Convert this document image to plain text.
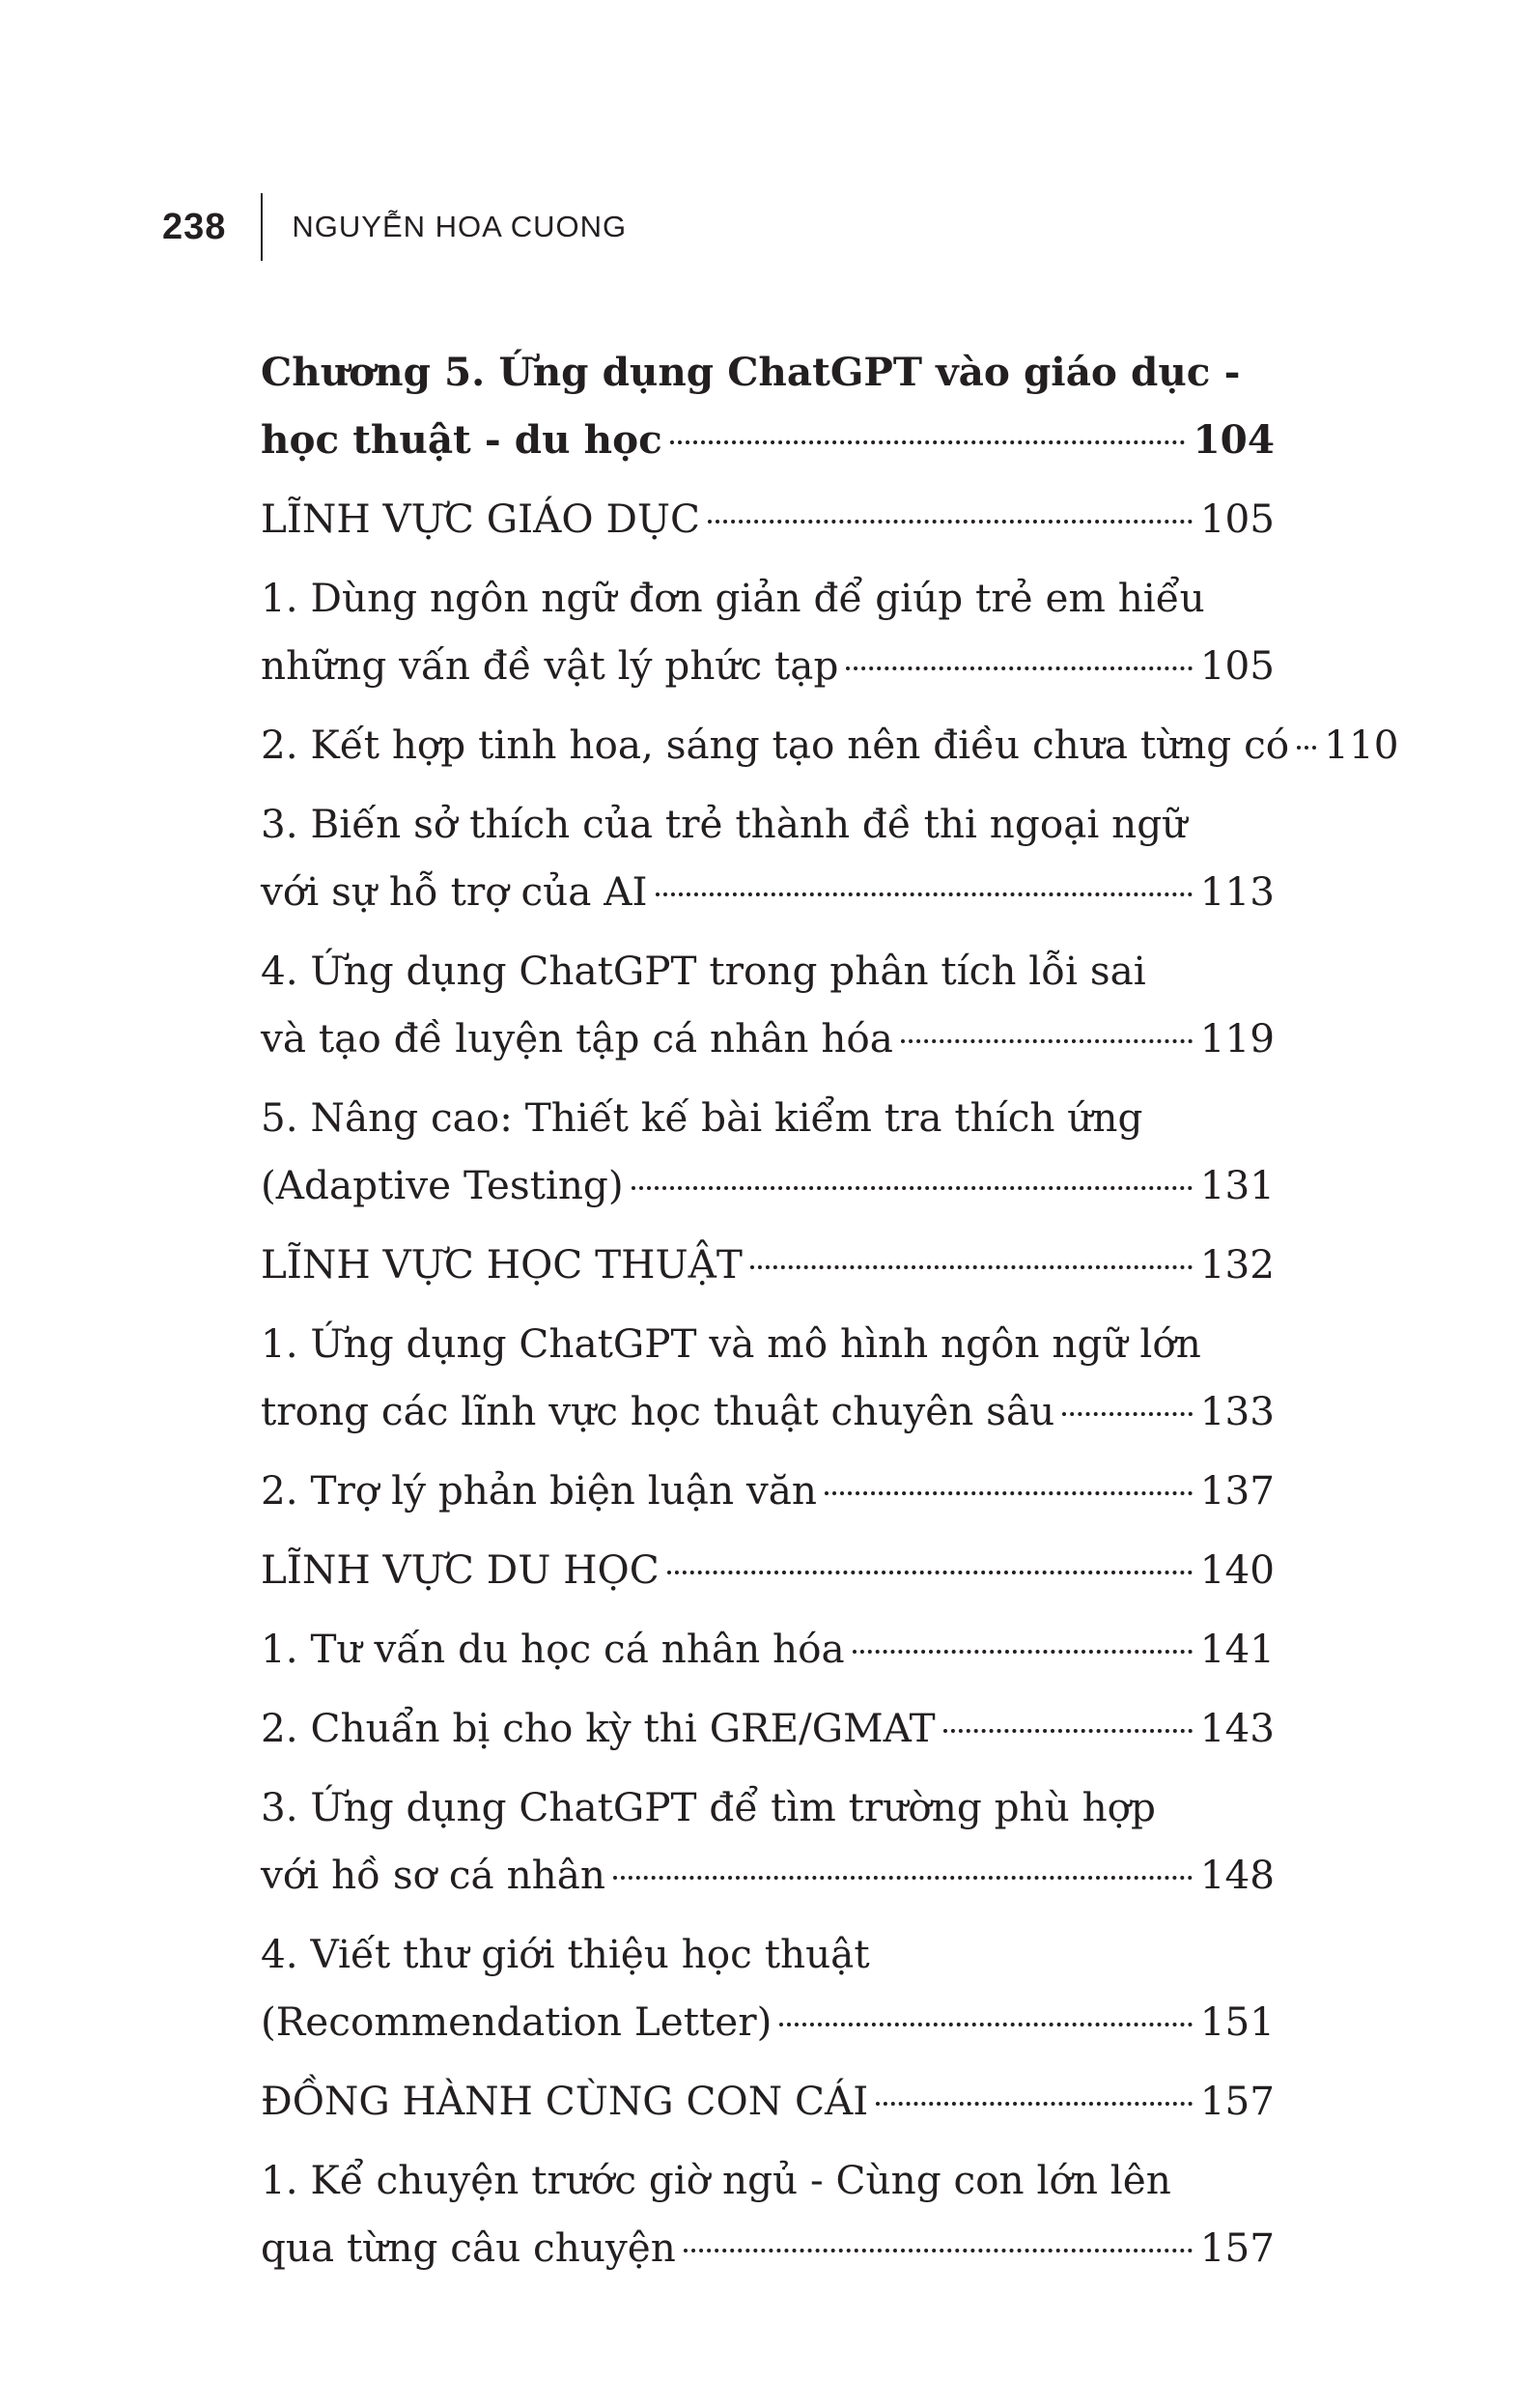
238 NGUYỄN HOA CUONG
Chương 5. Ứng dụng ChatGPT vào giáo dục -
học thuật - du học	104
LĨNH VỰC GIÁO DỤC	105
1. Dùng ngôn ngữ đơn giản để giúp trẻ em hiểu
những vấn đề vật lý phức tạp	105
2. Kết hợp tinh hoa, sáng tạo nên điều chưa từng có 110
3. Biến sở thích của trẻ thành đề thi ngoại ngữ
với sự hỗ trợ của AI	113
4. Ứng dụng ChatGPT trong phân tích lỗi sai
và tạo đề luyện tập cá nhân hóa	119
5. Nâng cao: Thiết kế bài kiểm tra thích ứng
(Adaptive Testing)	131
LĨNH VỰC HỌC THUẬT	132
1. Ứng dụng ChatGPT và mô hình ngôn ngữ lớn
trong các lĩnh vực học thuật chuyên sâu	133
2. Trợ lý phản biện luận văn	137
LĨNH VỰC DU HỌC	140
1. Tư vấn du học cá nhân hóa	141
2. Chuẩn bị cho kỳ thi GRE/GMAT	143
3. Ứng dụng ChatGPT để tìm trường phù hợp
với hồ sơ cá nhân	148
4. Viết thư giới thiệu học thuật
(Recommendation Letter)	151
ĐỒNG HÀNH CÙNG CON CÁI	157
1. Kể chuyện trước giờ ngủ - Cùng con lớn lên
qua từng câu chuyện	157
